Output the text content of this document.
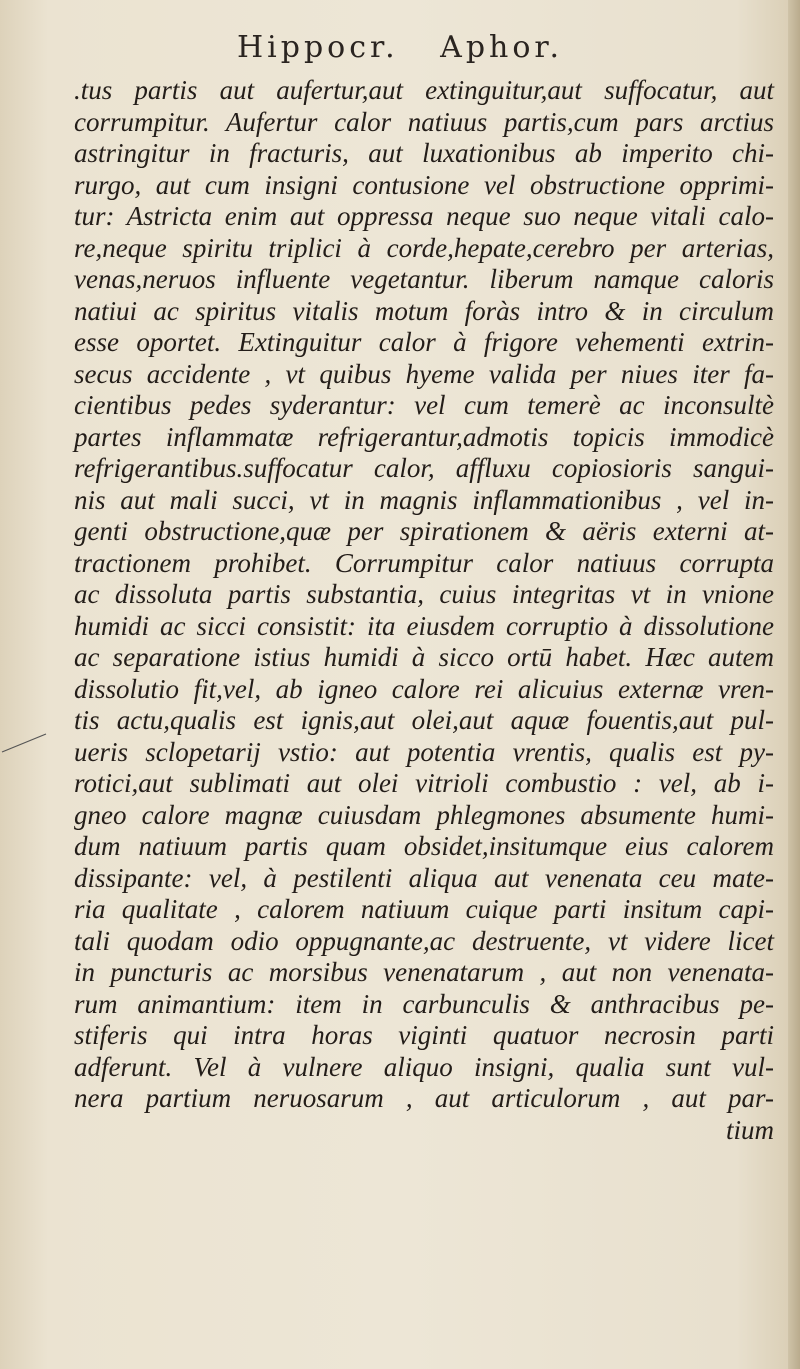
Hippocr. Aphor.
.tus partis aut aufertur,aut extinguitur,aut suffocatur, aut
corrumpitur. Aufertur calor natiuus partis,cum pars arctius
astringitur in fracturis, aut luxationibus ab imperito chi-
rurgo, aut cum insigni contusione vel obstructione opprimi-
tur: Astricta enim aut oppressa neque suo neque vitali calo-
re,neque spiritu triplici à corde,hepate,cerebro per arterias,
venas,neruos influente vegetantur. liberum namque caloris
natiui ac spiritus vitalis motum foràs intro & in circulum
esse oportet. Extinguitur calor à frigore vehementi extrin-
secus accidente , vt quibus hyeme valida per niues iter fa-
cientibus pedes syderantur: vel cum temerè ac inconsultè
partes inflammatæ refrigerantur,admotis topicis immodicè
refrigerantibus.suffocatur calor, affluxu copiosioris sangui-
nis aut mali succi, vt in magnis inflammationibus , vel in-
genti obstructione,quæ per spirationem & aëris externi at-
tractionem prohibet. Corrumpitur calor natiuus corrupta
ac dissoluta partis substantia, cuius integritas vt in vnione
humidi ac sicci consistit: ita eiusdem corruptio à dissolutione
ac separatione istius humidi à sicco ortū habet. Hæc autem
dissolutio fit,vel, ab igneo calore rei alicuius externæ vren-
tis actu,qualis est ignis,aut olei,aut aquæ fouentis,aut pul-
ueris sclopetarij vstio: aut potentia vrentis, qualis est py-
rotici,aut sublimati aut olei vitrioli combustio : vel, ab i-
gneo calore magnæ cuiusdam phlegmones absumente humi-
dum natiuum partis quam obsidet,insitumque eius calorem
dissipante: vel, à pestilenti aliqua aut venenata ceu mate-
ria qualitate , calorem natiuum cuique parti insitum capi-
tali quodam odio oppugnante,ac destruente, vt videre licet
in puncturis ac morsibus venenatarum , aut non venenata-
rum animantium: item in carbunculis & anthracibus pe-
stiferis qui intra horas viginti quatuor necrosin parti
adferunt. Vel à vulnere aliquo insigni, qualia sunt vul-
nera partium neruosarum , aut articulorum , aut par-
tium
